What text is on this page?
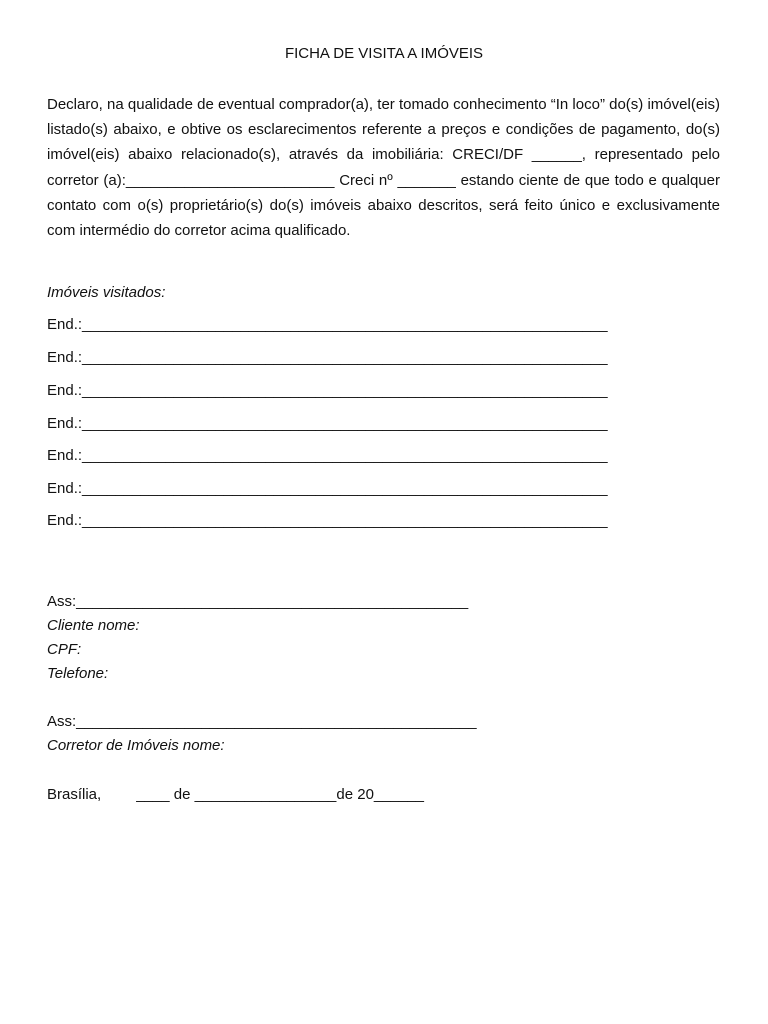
FICHA DE VISITA A IMÓVEIS
Declaro, na qualidade de eventual comprador(a), ter tomado conhecimento “In loco” do(s) imóvel(eis) listado(s) abaixo, e obtive os esclarecimentos referente a preços e condições de pagamento, do(s) imóvel(eis) abaixo relacionado(s), através da imobiliária: CRECI/DF ______, representado pelo corretor (a):_________________________ Creci nº _______ estando ciente de que todo e qualquer contato com o(s) proprietário(s) do(s) imóveis abaixo descritos, será feito único e exclusivamente com intermédio do corretor acima qualificado.
Imóveis visitados:
End.:_______________________________________________________________
End.:_______________________________________________________________
End.:_______________________________________________________________
End.:_______________________________________________________________
End.:_______________________________________________________________
End.:_______________________________________________________________
End.:_______________________________________________________________
Ass:_______________________________________________
Cliente nome:
CPF:
Telefone:
Ass:________________________________________________
Corretor de Imóveis nome:
Brasília, ____ de _________________de 20______
